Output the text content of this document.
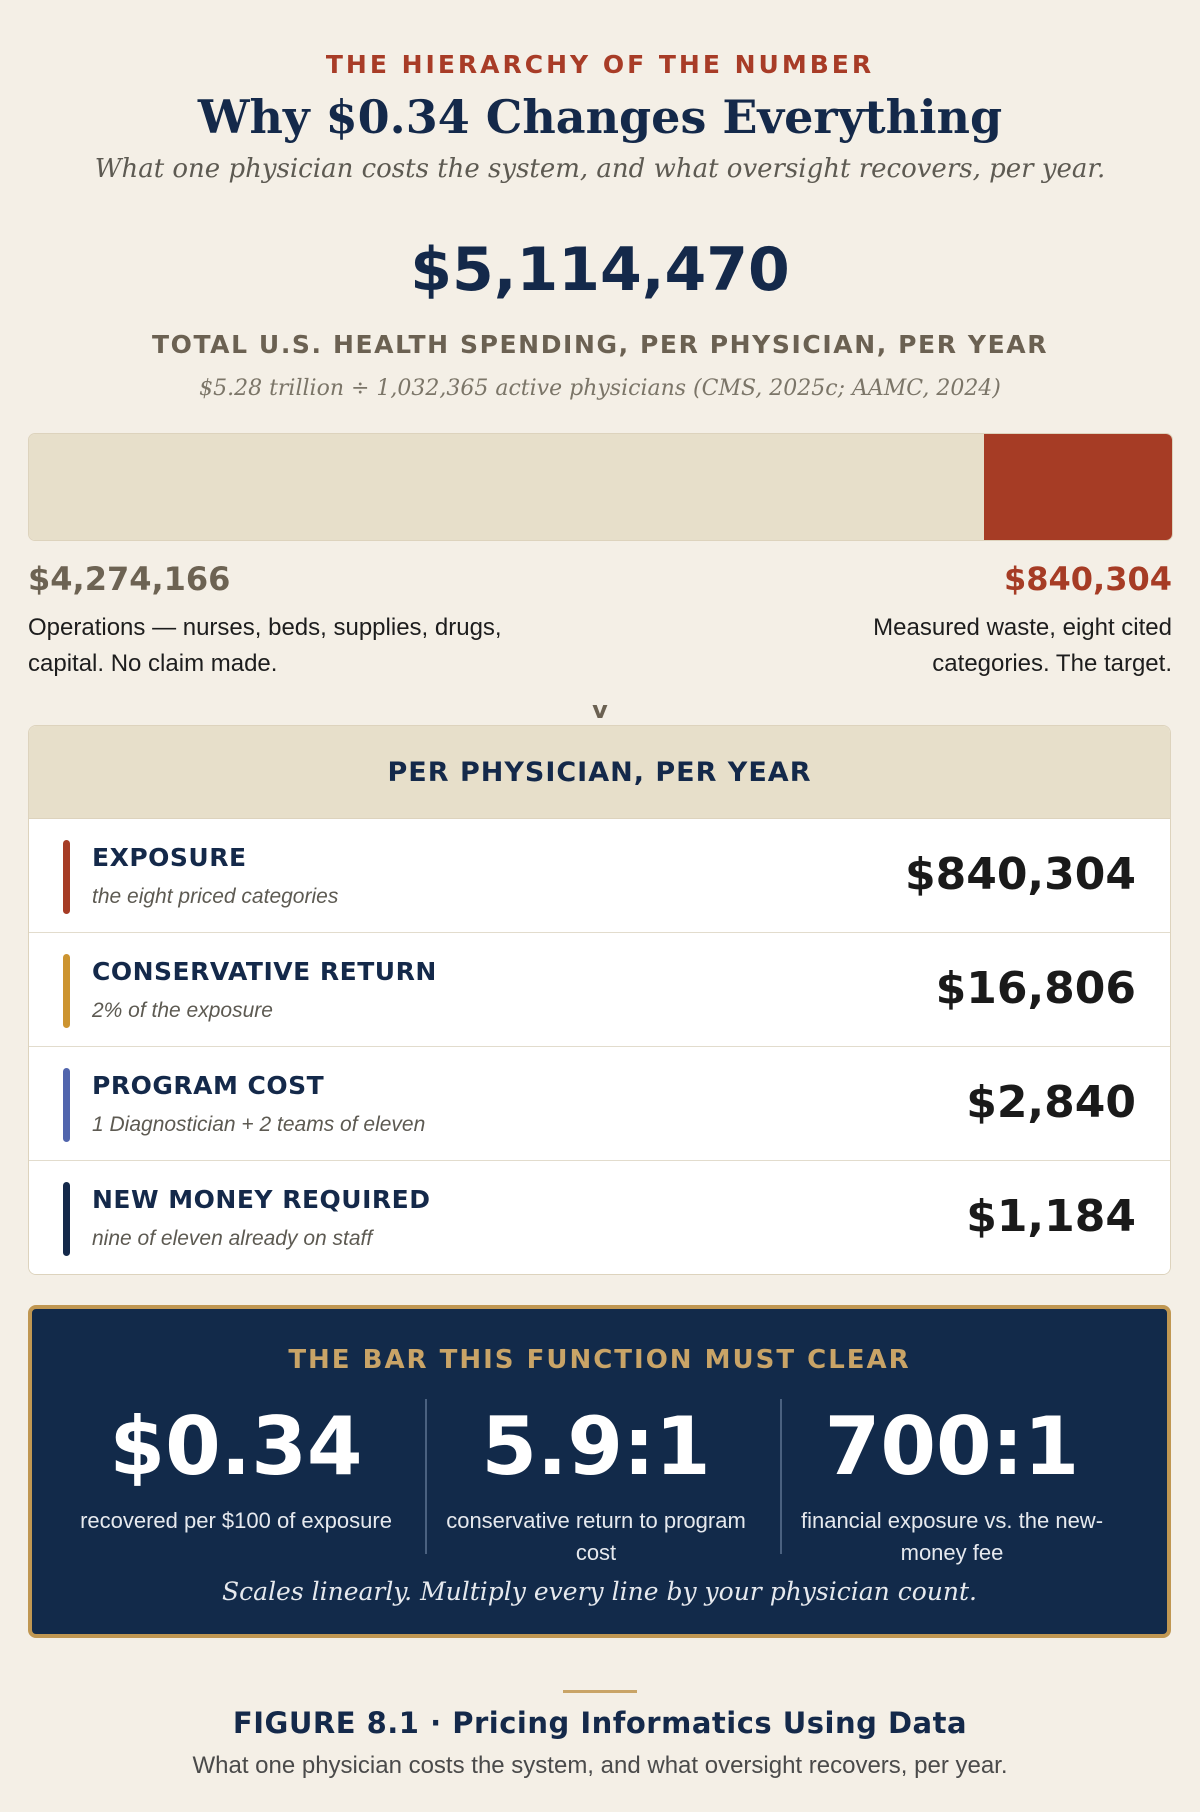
THE HIERARCHY OF THE NUMBER
Why $0.34 Changes Everything
What one physician costs the system, and what oversight recovers, per year.
$5,114,470
TOTAL U.S. HEALTH SPENDING, PER PHYSICIAN, PER YEAR
$5.28 trillion ÷ 1,032,365 active physicians (CMS, 2025c; AAMC, 2024)
$4,274,166
Operations — nurses, beds, supplies, drugs, capital. No claim made.
$840,304
Measured waste, eight cited categories. The target.
v
PER PHYSICIAN, PER YEAR
EXPOSURE
the eight priced categories	$840,304
CONSERVATIVE RETURN
2% of the exposure	$16,806
PROGRAM COST
1 Diagnostician + 2 teams of eleven	$2,840
NEW MONEY REQUIRED
nine of eleven already on staff	$1,184
THE BAR THIS FUNCTION MUST CLEAR
$0.34
recovered per $100 of exposure
5.9:1
conservative return to program cost
700:1
financial exposure vs. the new-money fee
Scales linearly. Multiply every line by your physician count.
FIGURE 8.1 · Pricing Informatics Using Data
What one physician costs the system, and what oversight recovers, per year.
